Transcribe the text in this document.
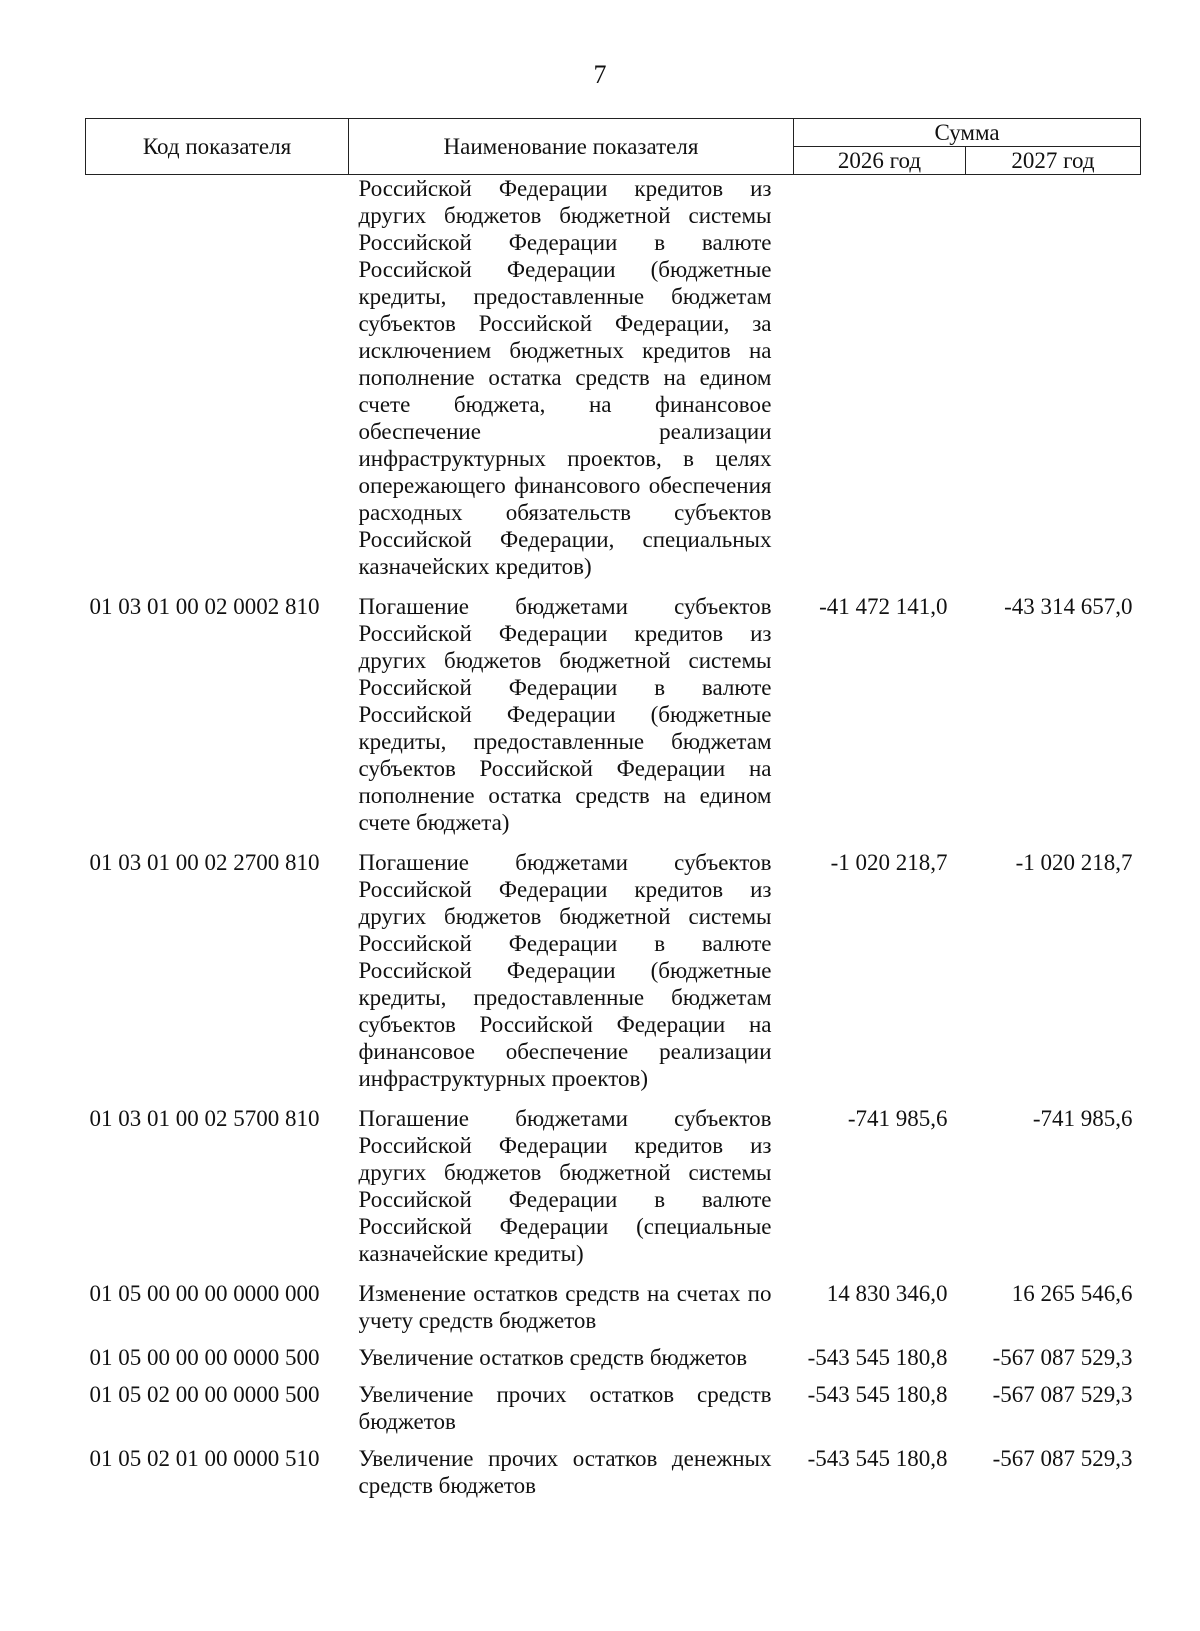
7
Код показателя	Наименование показателя	Сумма	
		2026 год	2027 год
	Российской Федерации кредитов из других бюджетов бюджетной системы Российской Федерации в валюте Российской Федерации (бюджетные кредиты, предоставленные бюджетам субъектов Российской Федерации, за исключением бюджетных кредитов на пополнение остатка средств на едином счете бюджета, на финансовое обеспечение реализации инфраструктурных проектов, в целях опережающего финансового обеспечения расходных обязательств субъектов Российской Федерации, специальных казначейских кредитов)		
01 03 01 00 02 0002 810	Погашение бюджетами субъектов Российской Федерации кредитов из других бюджетов бюджетной системы Российской Федерации в валюте Российской Федерации (бюджетные кредиты, предоставленные бюджетам субъектов Российской Федерации на пополнение остатка средств на едином счете бюджета)	-41 472 141,0	-43 314 657,0
01 03 01 00 02 2700 810	Погашение бюджетами субъектов Российской Федерации кредитов из других бюджетов бюджетной системы Российской Федерации в валюте Российской Федерации (бюджетные кредиты, предоставленные бюджетам субъектов Российской Федерации на финансовое обеспечение реализации инфраструктурных проектов)	-1 020 218,7	-1 020 218,7
01 03 01 00 02 5700 810	Погашение бюджетами субъектов Российской Федерации кредитов из других бюджетов бюджетной системы Российской Федерации в валюте Российской Федерации (специальные казначейские кредиты)	-741 985,6	-741 985,6
01 05 00 00 00 0000 000	Изменение остатков средств на счетах по учету средств бюджетов	14 830 346,0	16 265 546,6
01 05 00 00 00 0000 500	Увеличение остатков средств бюджетов	-543 545 180,8	-567 087 529,3
01 05 02 00 00 0000 500	Увеличение прочих остатков средств бюджетов	-543 545 180,8	-567 087 529,3
01 05 02 01 00 0000 510	Увеличение прочих остатков денежных средств бюджетов	-543 545 180,8	-567 087 529,3
